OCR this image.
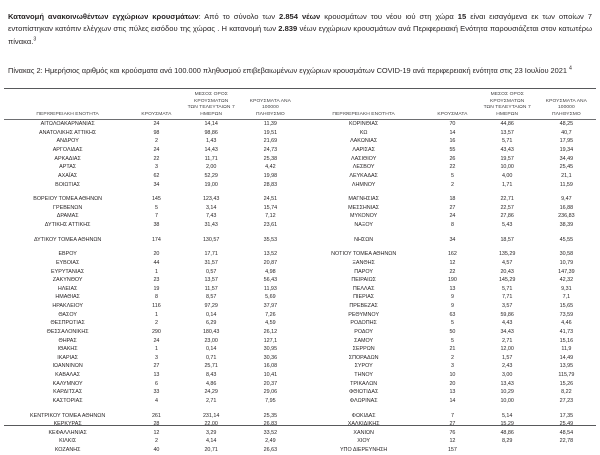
Κατανομή ανακοινωθέντων εγχώριων κρουσμάτων: Από το σύνολο των 2.854 νέων κρουσμάτων του νέου ιού στη χώρα 15 είναι εισαγόμενα εκ των οποίων 7 εντοπίστηκαν κατόπιν ελέγχων στις πύλες εισόδου της χώρας . Η κατανομή των 2.839 νέων εγχώριων κρουσμάτων ανά Περιφερειακή Ενότητα παρουσιάζεται στον κατωτέρω πίνακα.$^3$

Πίνακας 2: Ημερήσιος αριθμός και κρούσματα ανά 100.000 πληθυσμού επιβεβαιωμένων εγχώριων κρουσμάτων COVID-19 ανά περιφερειακή ενότητα στις 23 Ιουλίου 2021 $^4$

ΠΕΡΙΦΕΡΕΙΑΚΗ ΕΝΟΤΗΤΑ	ΚΡΟΥΣΜΑΤΑ	ΜΕΣΟΣ ΟΡΟΣ ΚΡΟΥΣΜΑΤΩΝ
ΤΩΝ ΤΕΛΕΥΤΑΙΩΝ 7
ΗΜΕΡΩΝ	ΚΡΟΥΣΜΑΤΑ ΑΝΑ 100000
ΠΛΗΘΥΣΜΟ

ΑΙΤΩΛΟΑΚΑΡΝΑΝΙΑΣ	24	14,14	11,39
ΑΝΑΤΟΛΙΚΗΣ ΑΤΤΙΚΗΣ	98	98,86	19,51
ΑΝΔΡΟΥ	2	1,43	21,69
ΑΡΓΟΛΙΔΑΣ	24	14,43	24,73
ΑΡΚΑΔΙΑΣ	22	11,71	25,38
ΑΡΤΑΣ	3	2,00	4,42
ΑΧΑΪΑΣ	62	52,29	19,98
ΒΟΙΩΤΙΑΣ	34	19,00	28,83

ΒΟΡΕΙΟΥ ΤΟΜΕΑ ΑΘΗΝΩΝ	145	123,43	24,51
ΓΡΕΒΕΝΩΝ	5	3,14	15,74
ΔΡΑΜΑΣ	7	7,43	7,12
ΔΥΤΙΚΗΣ ΑΤΤΙΚΗΣ	38	31,43	23,61

ΔΥΤΙΚΟΥ ΤΟΜΕΑ ΑΘΗΝΩΝ	174	130,57	35,53

ΕΒΡΟΥ	20	17,71	13,52
ΕΥΒΟΙΑΣ	44	31,57	20,87
ΕΥΡΥΤΑΝΙΑΣ	1	0,57	4,98
ΖΑΚΥΝΘΟΥ	23	13,57	56,43
ΗΛΕΙΑΣ	19	11,57	11,93
ΗΜΑΘΙΑΣ	8	8,57	5,69
ΗΡΑΚΛΕΙΟΥ	116	97,29	37,97
ΘΑΣΟΥ	1	0,14	7,26
ΘΕΣΠΡΩΤΙΑΣ	2	6,29	4,59
ΘΕΣΣΑΛΟΝΙΚΗΣ	290	180,43	26,12
ΘΗΡΑΣ	24	23,00	127,1
ΙΘΑΚΗΣ	1	0,14	30,95
ΙΚΑΡΙΑΣ	3	0,71	30,36
ΙΩΑΝΝΙΝΩΝ	27	25,71	16,08
ΚΑΒΑΛΑΣ	13	8,43	10,41
ΚΑΛΥΜΝΟΥ	6	4,86	20,37
ΚΑΡΔΙΤΣΑΣ	33	24,29	29,06
ΚΑΣΤΟΡΙΑΣ	4	2,71	7,95

ΚΕΝΤΡΙΚΟΥ ΤΟΜΕΑ ΑΘΗΝΩΝ	261	231,14	25,35
ΚΕΡΚΥΡΑΣ	28	22,00	26,83
ΚΕΦΑΛΛΗΝΙΑΣ	12	3,29	33,52
ΚΙΛΚΙΣ	2	4,14	2,49
ΚΟΖΑΝΗΣ	40	20,71	26,63
ΠΕΡΙΦΕΡΕΙΑΚΗ ΕΝΟΤΗΤΑ	ΚΡΟΥΣΜΑΤΑ	ΜΕΣΟΣ ΟΡΟΣ ΚΡΟΥΣΜΑΤΩΝ
ΤΩΝ ΤΕΛΕΥΤΑΙΩΝ 7
ΗΜΕΡΩΝ	ΚΡΟΥΣΜΑΤΑ ΑΝΑ 100000
ΠΛΗΘΥΣΜΟ

ΚΟΡΙΝΘΙΑΣ	70	44,86	48,25
ΚΩ	14	13,57	40,7
ΛΑΚΩΝΙΑΣ	16	5,71	17,95
ΛΑΡΙΣΑΣ	55	43,43	19,34
ΛΑΣΙΘΙΟΥ	26	19,57	34,49
ΛΕΣΒΟΥ	22	10,00	25,45
ΛΕΥΚΑΔΑΣ	5	4,00	21,1
ΛΗΜΝΟΥ	2	1,71	11,59

ΜΑΓΝΗΣΙΑΣ	18	22,71	9,47
ΜΕΣΣΗΝΙΑΣ	27	22,57	16,88
ΜΥΚΟΝΟΥ	24	27,86	236,83
ΝΑΞΟΥ	8	5,43	38,39

ΝΗΣΩΝ	34	18,57	45,55

ΝΟΤΙΟΥ ΤΟΜΕΑ ΑΘΗΝΩΝ	162	135,29	30,58
ΞΑΝΘΗΣ	12	4,57	10,79
ΠΑΡΟΥ	22	20,43	147,39
ΠΕΙΡΑΙΩΣ	190	145,29	42,32
ΠΕΛΛΑΣ	13	5,71	9,31
ΠΙΕΡΙΑΣ	9	7,71	7,1
ΠΡΕΒΕΖΑΣ	9	3,57	15,65
ΡΕΘΥΜΝΟΥ	63	59,86	73,59
ΡΟΔΟΠΗΣ	5	4,43	4,46
ΡΟΔΟΥ	50	34,43	41,73
ΣΑΜΟΥ	5	2,71	15,16
ΣΕΡΡΩΝ	21	12,00	11,9
ΣΠΟΡΑΔΩΝ	2	1,57	14,49
ΣΥΡΟΥ	3	2,43	13,95
ΤΗΝΟΥ	10	3,00	115,79
ΤΡΙΚΑΛΩΝ	20	13,43	15,26
ΦΘΙΩΤΙΔΑΣ	13	10,29	8,22
ΦΛΩΡΙΝΑΣ	14	10,00	27,23

ΦΩΚΙΔΑΣ	7	5,14	17,35
ΧΑΛΚΙΔΙΚΗΣ	27	15,29	25,49
ΧΑΝΙΩΝ	76	48,86	48,54
ΧΙΟΥ	12	8,29	22,78
ΥΠΟ ΔΙΕΡΕΥΝΗΣΗ	157		
